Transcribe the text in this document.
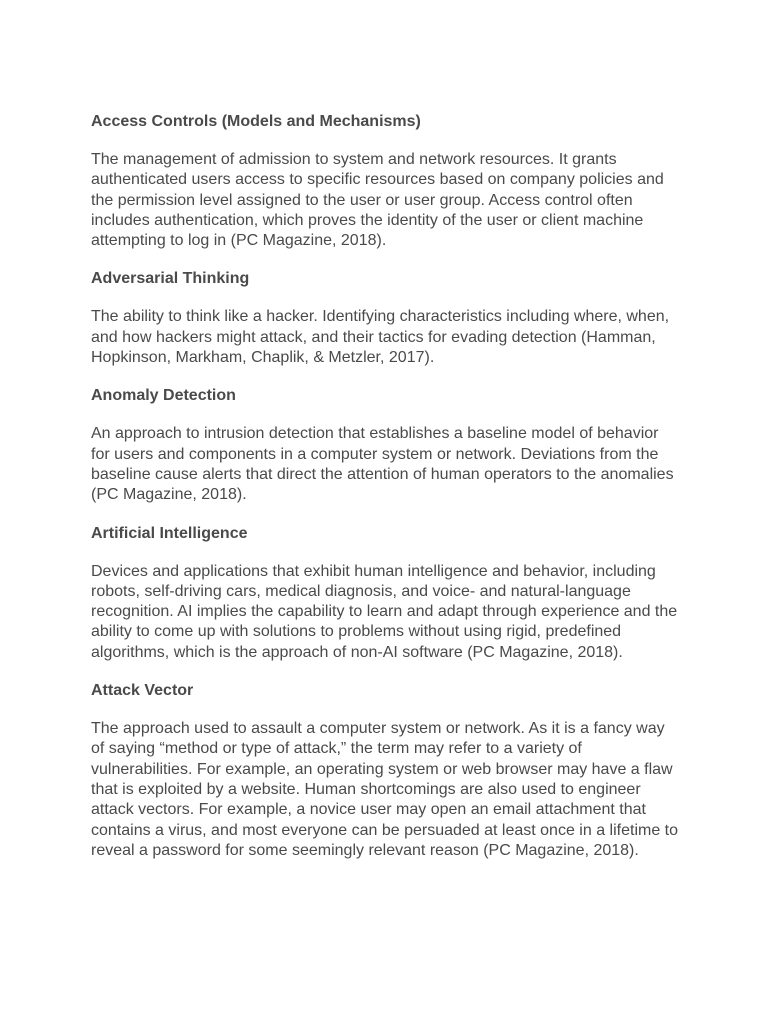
Access Controls (Models and Mechanisms)

The management of admission to system and network resources. It grants authenticated users access to specific resources based on company policies and the permission level assigned to the user or user group. Access control often includes authentication, which proves the identity of the user or client machine attempting to log in (PC Magazine, 2018).

Adversarial Thinking

The ability to think like a hacker. Identifying characteristics including where, when, and how hackers might attack, and their tactics for evading detection (Hamman, Hopkinson, Markham, Chaplik, & Metzler, 2017).

Anomaly Detection

An approach to intrusion detection that establishes a baseline model of behavior for users and components in a computer system or network. Deviations from the baseline cause alerts that direct the attention of human operators to the anomalies (PC Magazine, 2018).

Artificial Intelligence

Devices and applications that exhibit human intelligence and behavior, including robots, self-driving cars, medical diagnosis, and voice- and natural-language recognition. AI implies the capability to learn and adapt through experience and the ability to come up with solutions to problems without using rigid, predefined algorithms, which is the approach of non-AI software (PC Magazine, 2018).

Attack Vector

The approach used to assault a computer system or network. As it is a fancy way of saying “method or type of attack,” the term may refer to a variety of vulnerabilities. For example, an operating system or web browser may have a flaw that is exploited by a website. Human shortcomings are also used to engineer attack vectors. For example, a novice user may open an email attachment that contains a virus, and most everyone can be persuaded at least once in a lifetime to reveal a password for some seemingly relevant reason (PC Magazine, 2018).
